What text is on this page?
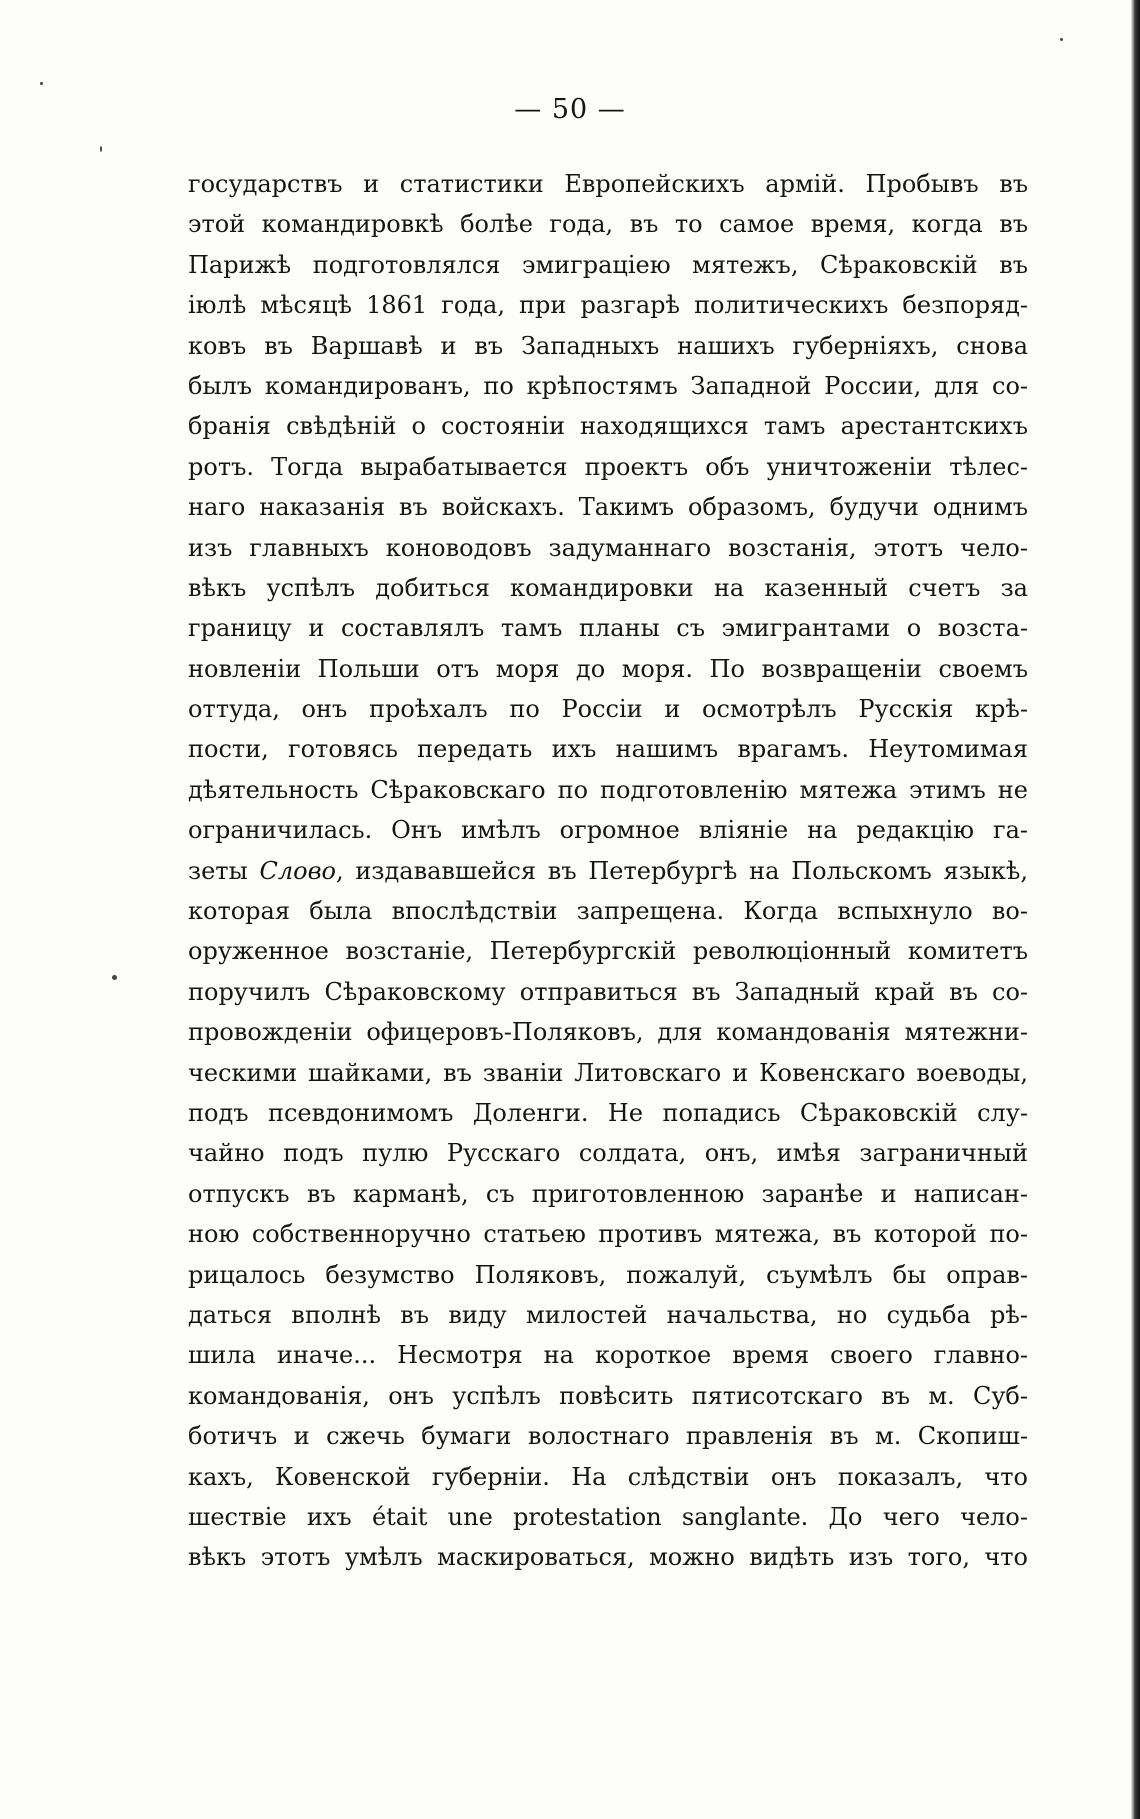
— 50 —
государствъ и статистики Европейскихъ армій. Пробывъ въ
этой командировкѣ болѣе года, въ то самое время, когда въ
Парижѣ подготовлялся эмиграціею мятежъ, Сѣраковскій въ
іюлѣ мѣсяцѣ 1861 года, при разгарѣ политическихъ безпоряд-
ковъ въ Варшавѣ и въ Западныхъ нашихъ губерніяхъ, снова
былъ командированъ, по крѣпостямъ Западной России, для со-
бранія свѣдѣній о состояніи находящихся тамъ арестантскихъ
ротъ. Тогда вырабатывается проектъ объ уничтоженіи тѣлес-
наго наказанія въ войскахъ. Такимъ образомъ, будучи однимъ
изъ главныхъ коноводовъ задуманнаго возстанія, этотъ чело-
вѣкъ успѣлъ добиться командировки на казенный счетъ за
границу и составлялъ тамъ планы съ эмигрантами о возста-
новленіи Польши отъ моря до моря. По возвращеніи своемъ
оттуда, онъ проѣхалъ по Россіи и осмотрѣлъ Русскія крѣ-
пости, готовясь передать ихъ нашимъ врагамъ. Неутомимая
дѣятельность Сѣраковскаго по подготовленію мятежа этимъ не
ограничилась. Онъ имѣлъ огромное вліяніе на редакцію га-
зеты Слово, издававшейся въ Петербургѣ на Польскомъ языкѣ,
которая была впослѣдствіи запрещена. Когда вспыхнуло во-
оруженное возстаніе, Петербургскій революціонный комитетъ
поручилъ Сѣраковскому отправиться въ Западный край въ со-
провожденіи офицеровъ-Поляковъ, для командованія мятежни-
ческими шайками, въ званіи Литовскаго и Ковенскаго воеводы,
подъ псевдонимомъ Доленги. Не попадись Сѣраковскій слу-
чайно подъ пулю Русскаго солдата, онъ, имѣя заграничный
отпускъ въ карманѣ, съ приготовленною заранѣе и написан-
ною собственноручно статьею противъ мятежа, въ которой по-
рицалось безумство Поляковъ, пожалуй, съумѣлъ бы оправ-
даться вполнѣ въ виду милостей начальства, но судьба рѣ-
шила иначе... Несмотря на короткое время своего главно-
командованія, онъ успѣлъ повѣсить пятисотскаго въ м. Суб-
ботичъ и сжечь бумаги волостнаго правленія въ м. Скопиш-
кахъ, Ковенской губерніи. На слѣдствіи онъ показалъ, что
шествіе ихъ était une protestation sanglante. До чего чело-
вѣкъ этотъ умѣлъ маскироваться, можно видѣть изъ того, что
